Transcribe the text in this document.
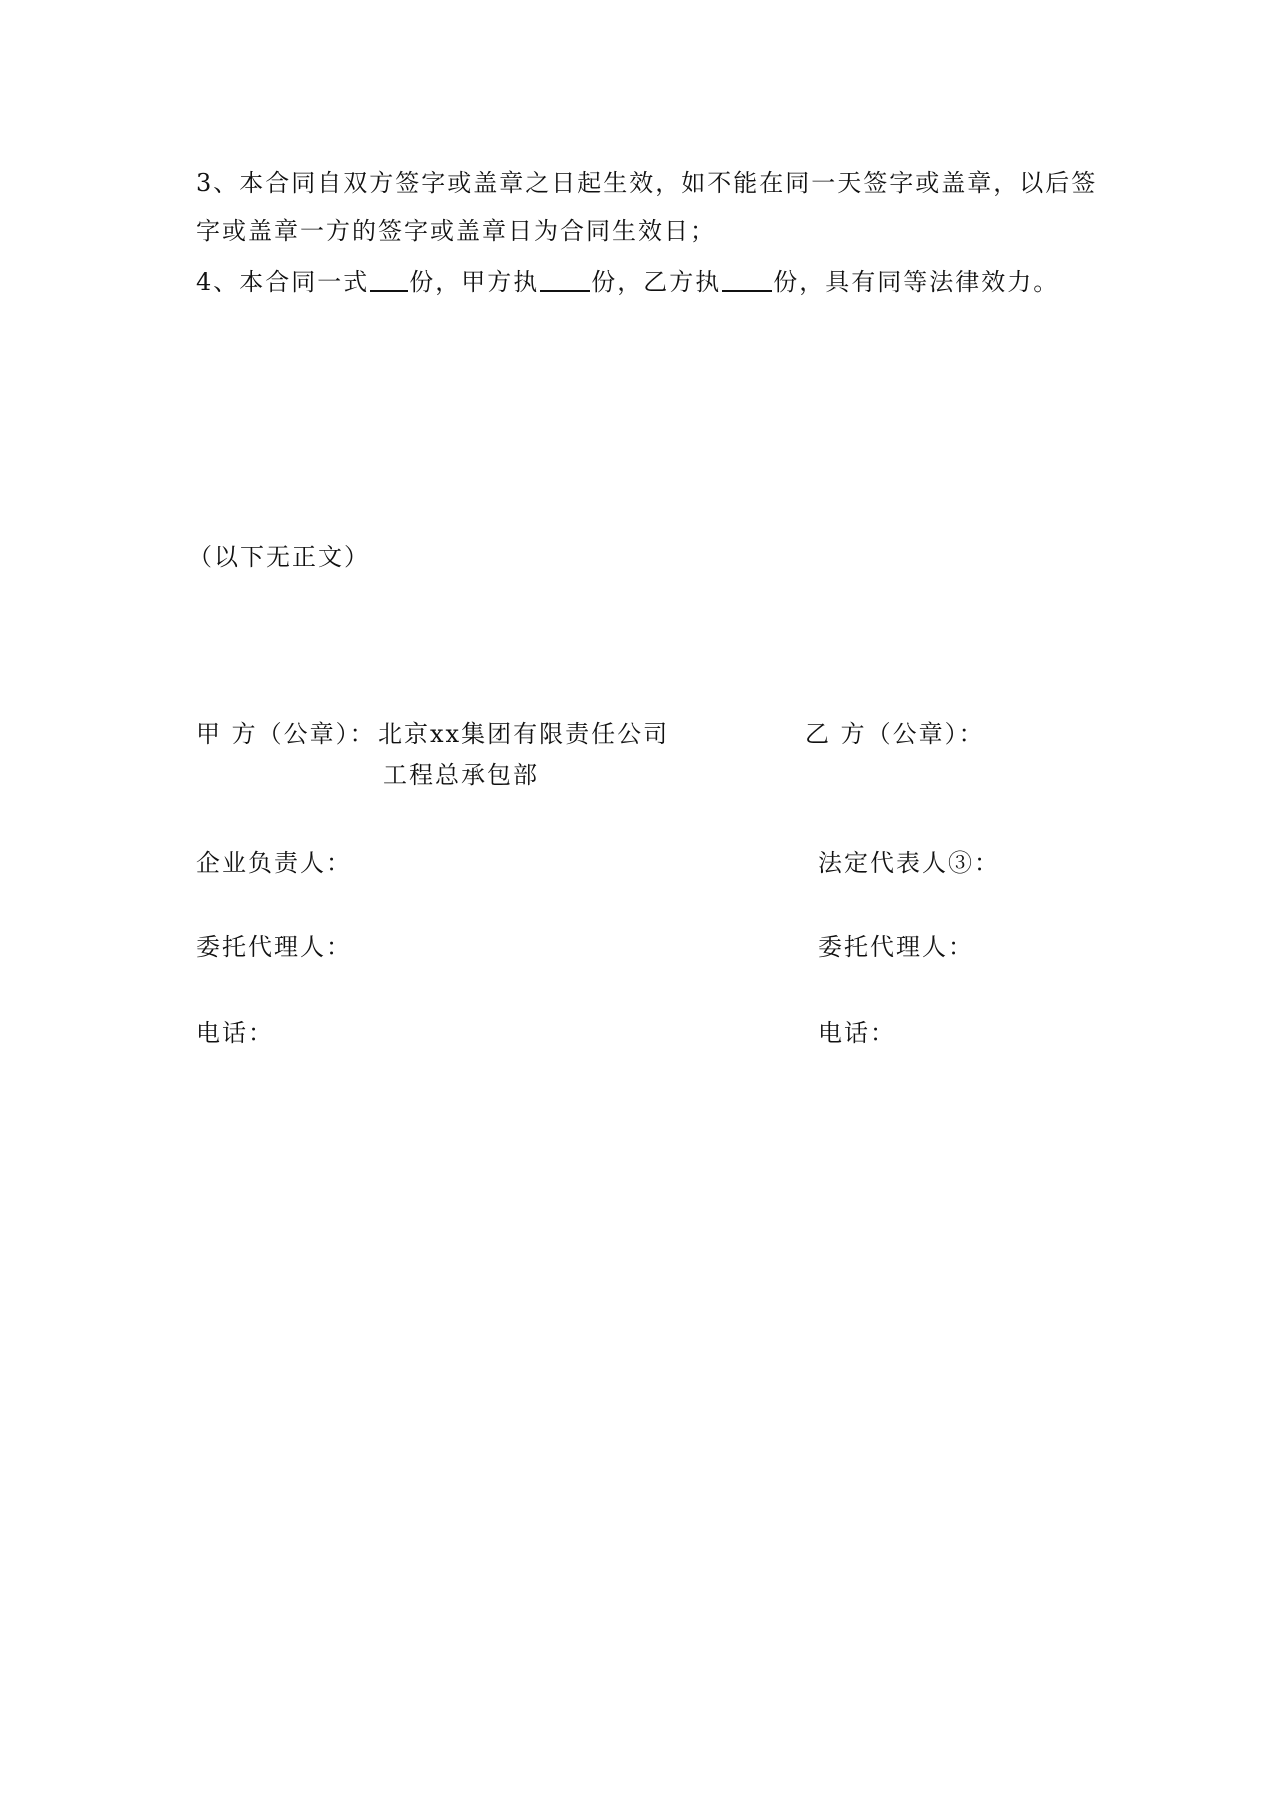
3、本合同自双方签字或盖章之日起生效，如不能在同一天签字或盖章，以后签
字或盖章一方的签字或盖章日为合同生效日；
4、本合同一式 份，甲方执 份，乙方执 份，具有同等法律效力。
（以下无正文）
甲 方（公章）： 北京xx集团有限责任公司
工程总承包部
乙 方（公章）：
企业负责人：	法定代表人③：
委托代理人：	委托代理人：
电话：	电话：
